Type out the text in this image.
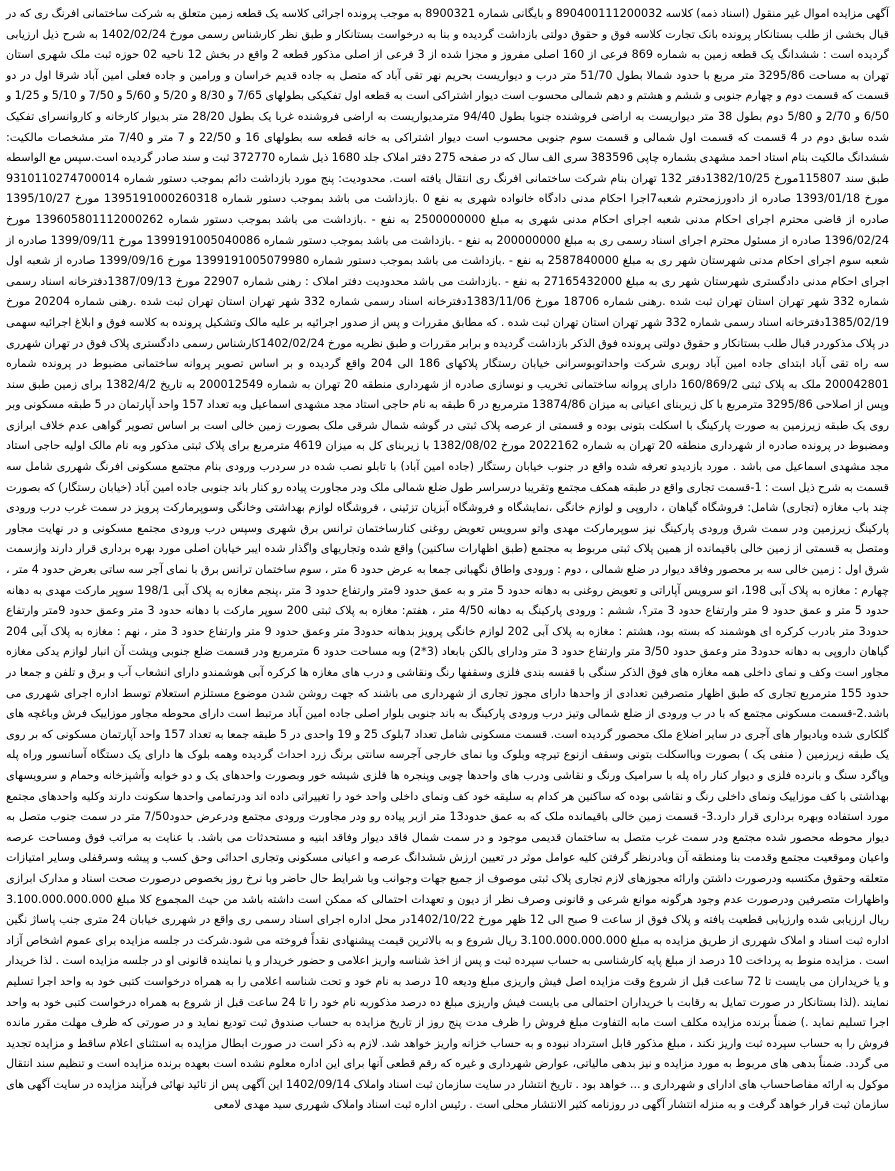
آگهی مزایده اموال غیر منقول (اسناد ذمه) کلاسه 890400111200032 و بایگانی شماره 8900321 به موجب پرونده اجرائی کلاسه یک قطعه زمین متعلق به شرکت ساختمانی افرنگ ری که در قبال بخشی از طلب بستانکار پرونده بانک تجارت کلاسه فوق و حقوق دولتی بازداشت گردیده و بنا به درخواست بستانکار و طبق نظر کارشناس رسمی مورخ 1402/02/24 به شرح ذیل ارزیابی گردیده است : ششدانگ یک قطعه زمین به شماره 869 فرعی از 160 اصلی مفروز و مجزا شده از 3 فرعی از اصلی مذکور قطعه 2 واقع در بخش 12 ناحیه 02 حوزه ثبت ملک شهری استان تهران به مساحت 3295/86 متر مربع با حدود شمالا بطول 51/70 متر درب و دیواریست بحریم نهر تقی آباد که متصل به جاده قدیم خراسان و ورامین و جاده فعلی امین آباد شرقا اول در دو قسمت که قسمت دوم و چهارم جنوبی و ششم و هشتم و دهم شمالی محسوب است دیوار اشتراکی است به قطعه اول تفکیکی بطولهای 7/65 و 8/30 و 5/20 و 5/60 و 7/50 و 5/10 و 1/25 و 6/50 و 2/70 و 5/80 دوم بطول 38 متر دیواریست به اراضی فروشنده جنوبا بطول 94/40 مترمدیواریست به اراضی فروشنده غربا یک بطول 28/20 متر بدیوار کارخانه و کاروانسرای تفکیک شده سابق دوم در 4 قسمت که قسمت اول شمالی و قسمت سوم جنوبی محسوب است دیوار اشتراکی به خانه قطعه سه بطولهای 16 و 22/50 و 7 متر و 7/40 متر مشخصات مالکیت: ششدانگ مالکیت بنام استاد احمد مشهدی بشماره چاپی 383596 سری الف سال که در صفحه 275 دفتر املاک جلد 1680 ذیل شماره 372770 ثبت و سند صادر گردیده است.سپس مع الواسطه طبق سند 115807مورخ 1382/10/25دفتر 132 تهران بنام شرکت ساختمانی افرنگ ری انتقال یافته است. محدودیت: پنج مورد بازداشت دائم بموجب دستور شماره 9310110274700014 مورخ 1393/01/18 صادره از دادورزمحترم شعبه7اجرا احکام مدنی دادگاه خانواده شهری به نفع 0 .بازداشت می باشد بموجب دستور شماره 1395191000260318 مورخ 1395/10/27 صادره از قاضی محترم اجرای احکام مدنی شعبه اجرای احکام مدنی شهری به مبلغ 2500000000 به نفع - .بازداشت می باشد بموجب دستور شماره 139605801112000262 مورخ 1396/02/24 صادره از مسئول محترم اجرای اسناد رسمی ری به مبلغ 200000000 به نفع - .بازداشت می باشد بموجب دستور شماره 1399191005040086 مورخ 1399/09/11 صادره از شعبه سوم اجرای احکام مدنی شهرستان شهر ری به مبلغ 2587840000 به نفع - .بازداشت می باشد بموجب دستور شماره 1399191005079980 مورخ 1399/09/16 صادره از شعبه اول اجرای احکام مدنی دادگستری شهرستان شهر ری به مبلغ 27165432000 به نفع - .بازداشت می باشد محدودیت دفتر املاک : رهنی شماره 22907 مورخ 1387/09/13دفترخانه اسناد رسمی شماره 332 شهر تهران استان تهران ثبت شده .رهنی شماره 18706 مورخ 1383/11/06دفترخانه اسناد رسمی شماره 332 شهر تهران استان تهران ثبت شده .رهنی شماره 20204 مورخ 1385/02/19دفترخانه اسناد رسمی شماره 332 شهر تهران استان تهران ثبت شده . که مطابق مقررات و پس از صدور اجرائیه بر علیه مالک وتشکیل پرونده به کلاسه فوق و ابلاغ اجرائیه سهمی در پلاک مذکوردر قبال طلب بستانکار و حقوق دولتی پرونده فوق الذکر بازداشت گردیده و برابر مقررات و طبق نظریه مورخ 1402/02/24کارشناس رسمی دادگستری پلاک فوق در تهران شهرری سه راه تقی آباد ابتدای جاده امین آباد روبری شرکت واحداتوبوسرانی خیابان رستگار پلاکهای 186 الی 204 واقع گردیده و بر اساس تصویر پروانه ساختمانی مضبوط در پرونده شماره 200042801 ملک به پلاک ثبتی 160/869/2 دارای پروانه ساختمانی تخریب و نوسازی صادره از شهرداری منطقه 20 تهران به شماره 200012549 به تاریخ 1382/4/2 برای زمین طبق سند وپس از اصلاحی 3295/86 مترمربع با کل زیربنای اعیانی به میزان 13874/86 مترمربع در 6 طبقه به نام حاجی استاد مجد مشهدی اسماعیل وبه تعداد 157 واحد آپارتمان در 5 طبقه مسکونی وبر روی یک طبقه زیرزمین به صورت پارکینگ با اسکلت بتونی بوده و قسمتی از عرصه پلاک ثبتی در گوشه شمال شرقی ملک بصورت زمین خالی است بر اساس تصویر گواهی عدم خلاف ابرازی ومضبوط در پرونده صادره از شهرداری منطقه 20 تهران به شماره 2022162 مورخ 1382/08/02 با زیربنای کل به میزان 4619 مترمربع برای پلاک ثبتی مذکور وبه نام مالک اولیه حاجی استاد مجد مشهدی اسماعیل می باشد . مورد بازدیدو تعرفه شده واقع در جنوب خیابان رستگار (جاده امین آباد) با تابلو نصب شده در سردرب ورودی بنام مجتمع مسکونی افرنگ شهرری شامل سه قسمت به شرح ذیل است : 1-قسمت تجاری واقع در طبقه همکف مجتمع وتقریبا درسراسر طول ضلع شمالی ملک ودر مجاورت پیاده رو کنار باند جنوبی جاده امین آباد (خیابان رستگار) که بصورت چند باب مغازه (تجاری) شامل: فروشگاه گیاهان ، داروپی و لوازم خانگی ،نمایشگاه و فروشگاه آبزیان تزئینی ، فروشگاه لوازم بهداشتی وخانگی وسوپرمارکت پرویز در سمت غرب درب ورودی پارکینگ زیرزمین ودر سمت شرق ورودی پارکینگ نیز سوپرمارکت مهدی واتو سرویس تعویض روغنی کنارساختمان ترانس برق شهری وسپس درب ورودی مجتمع مسکونی و در نهایت مجاور ومتصل به قسمتی از زمین خالی باقیمانده از همین پلاک ثبتی مربوط به مجتمع (طبق اظهارات ساکنین) واقع شده وتجاریهای واگذار شده ایبر خیابان اصلی مورد بهره برداری قرار دارند وازسمت شرق اول : زمین خالی سه بر محصور وفاقد دیوار در ضلع شمالی ، دوم : ورودی واطاق نگهبانی جمعا به عرض حدود 6 متر ، سوم ساختمان ترانس برق با نمای آجر سه ساتی بعرض حدود 4 متر ، چهارم : مغازه به پلاک آبی 198، اتو سرویس آپاراتی و تعویض روغنی به دهانه حدود 5 متر و به عمق حدود 9متر وارتفاع حدود 3 متر ،پنجم مغازه به پلاک آبی 198/1 سوپر مارکت مهدی به دهانه حدود 5 متر و عمق حدود 9 متر وارتفاع حدود 3 متر؟، ششم : ورودی پارکینگ به دهانه 4/50 متر ، هفتم: مغازه به پلاک ثبتی 200 سوپر مارکت با دهانه حدود 3 متر وعمق حدود 9متر وارتفاع حدود3 متر بادرب کرکره ای هوشمند که بسته بود، هشتم : مغازه به پلاک آبی 202 لوازم خانگی پرویز بدهانه حدود3 متر وعمق حدود 9 متر وارتفاع حدود 3 متر ، نهم : مغازه به پلاک آبی 204 گیاهان داروپی به دهانه حدود3 متر وعمق حدود 3/50 متر وارتفاع حدود 3 متر ودارای بالکن بابعاد (3*2) وبه مساحت حدود 6 مترمربع ودر قسمت ضلع جنوبی وپشت آن انبار لوازم یدکی مغازه مجاور است وکف و نمای داخلی همه مغازه های فوق الذکر سنگی با قفسه بندی فلزی وسقفها رنگ ونقاشی و درب های مغازه ها کرکره آبی هوشمندو دارای انشعاب آب و برق و تلفن و جمعا در حدود 155 مترمربع تجاری که طبق اظهار متصرفین تعدادی از واحدها دارای مجوز تجاری از شهرداری می باشند که جهت روشن شدن موضوع مستلزم استعلام توسط اداره اجرای شهرری می باشد.2-قسمت مسکونی مجتمع که با در ب ورودی از ضلع شمالی وتیز درب ورودی پارکینگ به باند جنوبی بلوار اصلی جاده امین آباد مرتبط است دارای محوطه مجاور موزاییک فرش وباغچه های گلکاری شده وبادیوار های آجری در سایر اضلاع ملک محصور گردیده است. قسمت مسکونی شامل تعداد 7بلوک 25 و 19 واحدی در 5 طبقه جمعا به تعداد 157 واحد آپارتمان مسکونی که بر روی یک طبقه زیرزمین ( منفی یک ) بصورت وبااسکلت بتونی وسقف ازنوع تیرچه وبلوک وبا نمای خارجی آجرسه سانتی برنگ زرد احداث گردیده وهمه بلوک ها دارای یک دستگاه آسانسور وراه پله وپاگرد سنگ و بانرده فلزی و دیوار کنار راه پله با سرامیک ورنگ و نقاشی ودرب های واحدها چوبی وپنجره ها فلزی شیشه خور وبصورت واحدهای یک و دو خوابه وآشپزخانه وحمام و سرویسهای بهداشتی با کف موزاییک ونمای داخلی رنگ و نقاشی بوده که ساکنین هر کدام به سلیقه خود کف ونمای داخلی واحد خود را تغییراتی داده اند ودرتمامی واحدها سکونت دارند وکلیه واحدهای مجتمع مورد استفاده وبهره برداری قرار دارد.3- قسمت زمین خالی باقیمانده ملک که به عمق حدود13 متر ازبر پیاده رو ودر مجاورت ورودی مجتمع ودرعرض حدود7/50 متر در سمت جنوب متصل به دیوار محوطه محصور شده مجتمع ودر سمت غرب متصل به ساختمان قدیمی موجود و در سمت شمال فاقد دیوار وفاقد ابنیه و مستحدثات می باشد. با عنایت به مراتب فوق ومساحت عرصه واعیان وموقعیت مجتمع وقدمت بنا ومنطقه آن وبادرنظر گرفتن کلیه عوامل موثر در تعیین ارزش ششدانگ عرصه و اعیانی مسکونی وتجاری احداثی وحق کسب و پیشه وسرقفلی وسایر امتیازات متعلقه وحقوق مکتسبه ودرصورت داشتن وارائه مجوزهای لازم تجاری پلاک ثبتی موصوف از جمیع جهات وجوانب وبا شرایط حال حاضر وبا نرخ روز بخصوص درصورت صحت اسناد و مدارک ابرازی واظهارات متصرفین ودرصورت عدم وجود هرگونه موانع شرعی و قانونی وصرف نظر از دیون و تعهدات احتمالی که ممکن است داشته باشد من حیث المجموع کلا مبلغ 3.100.000.000.000 ریال ارزیابی شده وارزیابی قطعیت یافته و پلاک فوق از ساعت 9 صبح الی 12 ظهر مورخ 1402/10/22در محل اداره اجرای اسناد رسمی ری واقع در شهرری خیابان 24 متری جنب پاساژ نگین اداره ثبت اسناد و املاک شهرری از طریق مزایده به مبلغ 3.100.000.000.000 ریال شروع و به بالاترین قیمت پیشنهادی نقداً فروخته می شود.شرکت در جلسه مزایده برای عموم اشخاص آزاد است . مزایده منوط به پرداخت 10 درصد از مبلغ پایه کارشناسی به حساب سپرده ثبت و پس از اخذ شناسه واریز اعلامی و حضور خریدار و یا نماینده قانونی او در جلسه مزایده است . لذا خریدار و یا خریداران می بایست تا 72 ساعت قبل از شروع وقت مزایده اصل فیش واریزی مبلغ ودیعه 10 درصد به نام خود و تحت شناسه اعلامی را به همراه درخواست کتبی خود به واحد اجرا تسلیم نمایند .(لذا بستانکار در صورت تمایل به رقابت با خریداران احتمالی می بایست فیش واریزی مبلغ ده درصد مذکوربه نام خود را تا 24 ساعت قبل از شروع به همراه درخواست کتبی خود به واحد اجرا تسلیم نماید .) ضمناً برنده مزایده مکلف است مابه التفاوت مبلغ فروش را ظرف مدت پنج روز از تاریخ مزایده به حساب صندوق ثبت تودیع نماید و در صورتی که ظرف مهلت مقرر مانده فروش را به حساب سپرده ثبت واریز نکند ، مبلغ مذکور قابل استرداد نبوده و به حساب خزانه واریز خواهد شد. لازم به ذکر است در صورت ابطال مزایده به استثنای اعلام ساقط و مزایده تجدید می گردد. ضمناً بدهی های مربوط به مورد مزایده و نیز بدهی مالیاتی، عوارض شهرداری و غیره که رقم قطعی آنها برای این اداره معلوم نشده است بعهده برنده مزایده است و تنظیم سند انتقال موکول به ارائه مفاصاحساب های ادارای و شهرداری و ... خواهد بود . تاریخ انتشار در سایت سازمان ثبت اسناد واملاک 1402/09/14 این آگهی پس از تائید نهائی فرآیند مزایده در سایت آگهی های سازمان ثبت قرار خواهد گرفت و به منزله انتشار آگهی در روزنامه کثیر الانتشار محلی است . رئیس اداره ثبت اسناد واملاک شهرری سید مهدی لامعی
